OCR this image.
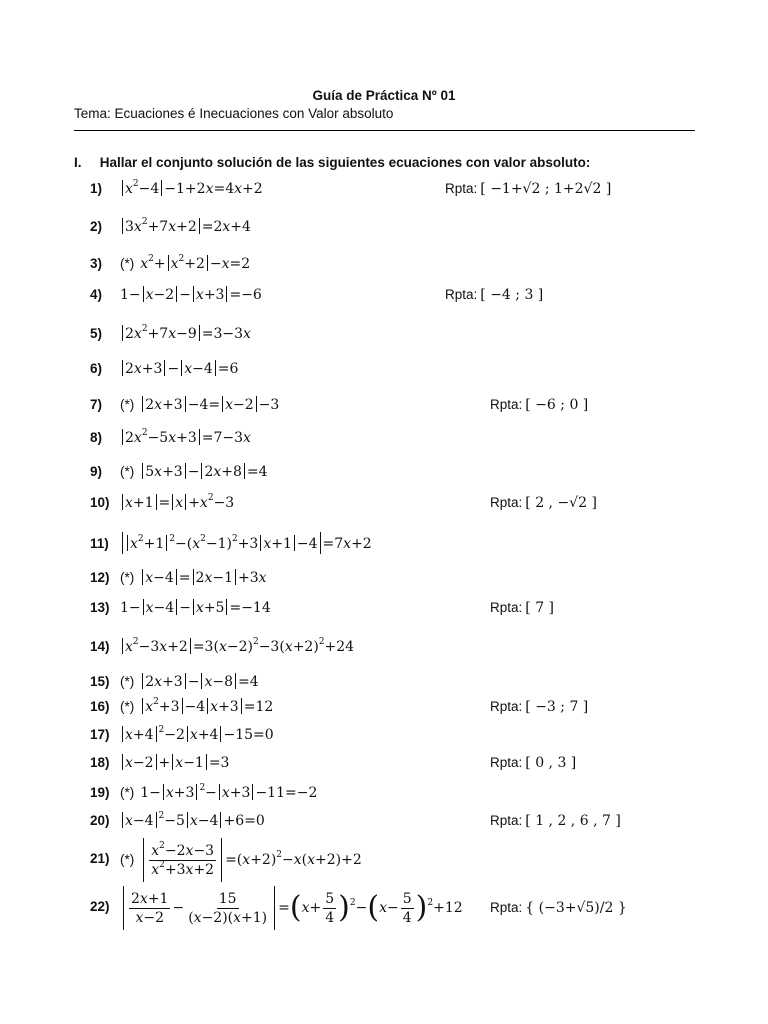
Guía de Práctica Nº 01
Tema: Ecuaciones é Inecuaciones con Valor absoluto
I. Hallar el conjunto solución de las siguientes ecuaciones con valor absoluto:
1)	$x^2-4 -1+2x=4x+2$	Rpta: [ −1+√2 ; 1+2√2 ]
2)	$3x^2+7x+2 =2x+4$
3)	(*) $x^2+ x^2+2 -x=2$
4)	1− x−2 − x+3 =−6	Rpta: [ −4 ; 3 ]
5)	$2x^2+7x-9 =3-3x$
6)	2x+3 − x−4 =6
7)	(*) 2x+3 −4= x−2 −3	Rpta: [ −6 ; 0 ]
8)	$2x^2-5x+3 =7-3x$
9)	(*) 5x+3 − 2x+8 =4
10)	$x+1 = x +x^2-3$	Rpta: [ 2 , −√2 ]
11)	$x^2+1$ $^2-(x^2-1)^2+3$ x+1 −4 =7x+2
12) (*) x−4 = 2x−1 +3x
13) 1− x−4 − x+5 =−14	Rpta: [ 7 ]
14)	$x^2-3x+2 =3(x-2)^2-3(x+2)^2+24$
15) (*) 2x+3 − x−8 =4
16) (*) $x^2+3 -4$ x+3 =12	Rpta: [ −3 ; 7 ]
17)	x+4 $^2$−2 x+4 −15=0
18)	x−2 + x−1 =3	Rpta: [ 0 , 3 ]
19) (*) 1− x+3 $^2$− x+3 −11=−2
20)	x−4 $^2$−5 x−4 +6=0	Rpta: [ 1 , 2 , 6 , 7 ]
21) (*) $\frac{x^2-2x-3}{x^2+3x+2} =(x+2)^2-x(x+2)+2$
22)	$\frac{2x+1}{x-2} - \frac{15}{(x-2)(x+1)} =(x+ \frac{5}{4} )^2-(x- \frac{5}{4} )^2+12$ Rpta: { (−3+√5)/2 }
